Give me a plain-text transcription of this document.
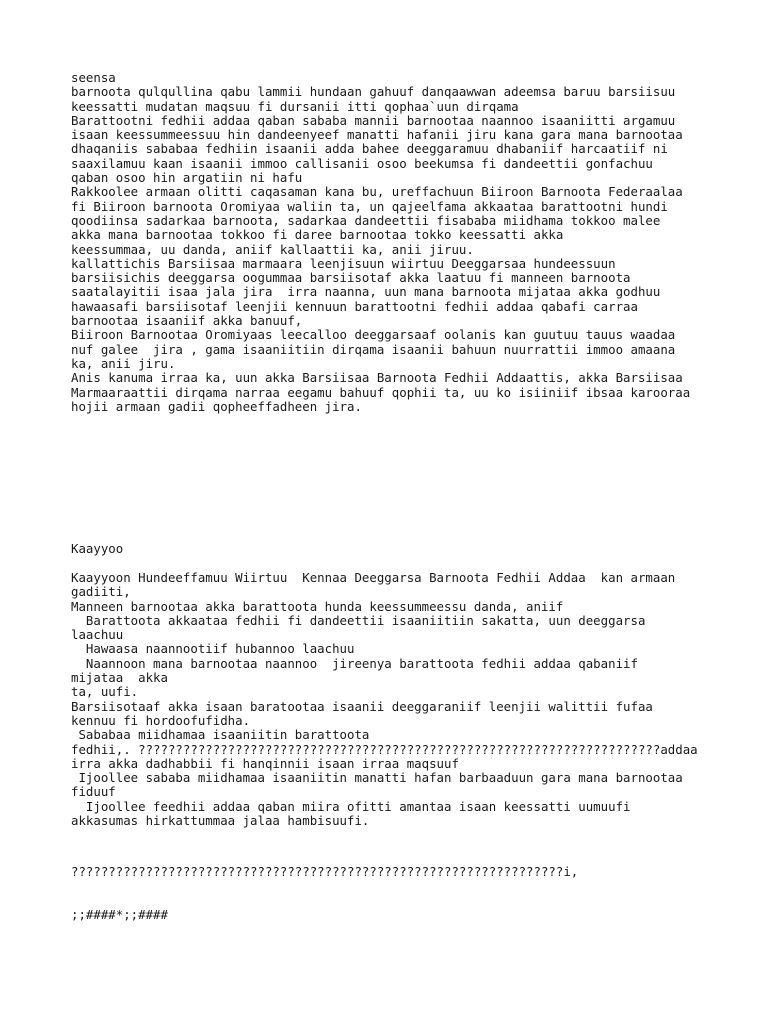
seensa
barnoota qulqullina qabu lammii hundaan gahuuf danqaawwan adeemsa baruu barsiisuu
keessatti mudatan maqsuu fi dursanii itti qophaa`uun dirqama
Barattootni fedhii addaa qaban sababa mannii barnootaa naannoo isaaniitti argamuu
isaan keessummeessuu hin dandeenyeef manatti hafanii jiru kana gara mana barnootaa
dhaqaniis sababaa fedhiin isaanii adda bahee deeggaramuu dhabaniif harcaatiif ni
saaxilamuu kaan isaanii immoo callisanii osoo beekumsa fi dandeettii gonfachuu
qaban osoo hin argatiin ni hafu
Rakkoolee armaan olitti caqasaman kana bu, ureffachuun Biiroon Barnoota Federaalaa
fi Biiroon barnoota Oromiyaa waliin ta, un qajeelfama akkaataa barattootni hundi
qoodiinsa sadarkaa barnoota, sadarkaa dandeettii fisababa miidhama tokkoo malee
akka mana barnootaa tokkoo fi daree barnootaa tokko keessatti akka
keessummaa, uu danda, aniif kallaattii ka, anii jiruu.
kallattichis Barsiisaa marmaara leenjisuun wiirtuu Deeggarsaa hundeessuun
barsiisichis deeggarsa oogummaa barsiisotaf akka laatuu fi manneen barnoota
saatalayitii isaa jala jira  irra naanna, uun mana barnoota mijataa akka godhuu
hawaasafi barsiisotaf leenjii kennuun barattootni fedhii addaa qabafi carraa
barnootaa isaaniif akka banuuf,
Biiroon Barnootaa Oromiyaas leecalloo deeggarsaaf oolanis kan guutuu tauus waadaa
nuf galee  jira , gama isaaniitiin dirqama isaanii bahuun nuurrattii immoo amaana
ka, anii jiru.
Anis kanuma irraa ka, uun akka Barsiisaa Barnoota Fedhii Addaattis, akka Barsiisaa
Marmaaraattii dirqama narraa eegamu bahuuf qophii ta, uu ko isiiniif ibsaa karooraa
hojii armaan gadii qopheeffadheen jira.
Kaayyoo
Kaayyoon Hundeeffamuu Wiirtuu  Kennaa Deeggarsa Barnoota Fedhii Addaa  kan armaan
gadiiti,
Manneen barnootaa akka barattoota hunda keessummeessu danda, aniif
Barattoota akkaataa fedhii fi dandeettii isaaniitiin sakatta, uun deeggarsa
laachuu
Hawaasa naannootiif hubannoo laachuu
Naannoon mana barnootaa naannoo  jireenya barattoota fedhii addaa qabaniif
mijataa  akka
ta, uufi.
Barsiisotaaf akka isaan baratootaa isaanii deeggaraniif leenjii walittii fufaa
kennuu fi hordoofufidha.
Sababaa miidhamaa isaaniitin barattoota
fedhii,. ??????????????????????????????????????????????????????????????????????addaa
irra akka dadhabbii fi hanqinnii isaan irraa maqsuuf
Ijoollee sababa miidhamaa isaaniitin manatti hafan barbaaduun gara mana barnootaa
fiduuf
Ijoollee feedhii addaa qaban miira ofitti amantaa isaan keessatti uumuufi
akkasumas hirkattummaa jalaa hambisuufi.
??????????????????????????????????????????????????????????????????i,
;;####*;;####
